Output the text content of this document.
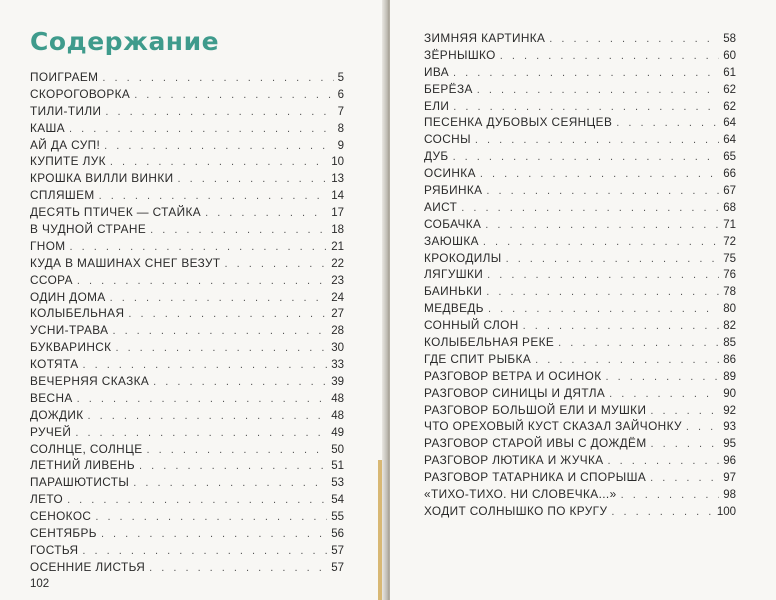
Содержание
ПОИГРАЕМ . . .	5
СКОРОГОВОРКА . . .	6
ТИЛИ-ТИЛИ . . .	7
КАША . . .	8
АЙ ДА СУП! . . .	9
КУПИТЕ ЛУК . . .	10
КРОШКА ВИЛЛИ ВИНКИ . . .	13
СПЛЯШЕМ . . .	14
ДЕСЯТЬ ПТИЧЕК — СТАЙКА . . .	17
В ЧУДНОЙ СТРАНЕ . . .	18
ГНОМ . . .	21
КУДА В МАШИНАХ СНЕГ ВЕЗУТ . . .	22
ССОРА . . .	23
ОДИН ДОМА . . .	24
КОЛЫБЕЛЬНАЯ . . .	27
УСНИ-ТРАВА . . .	28
БУКВАРИНСК . . .	30
КОТЯТА . . .	33
ВЕЧЕРНЯЯ СКАЗКА . . .	39
ВЕСНА . . .	48
ДОЖДИК . . .	48
РУЧЕЙ . . .	49
СОЛНЦЕ, СОЛНЦЕ . . .	50
ЛЕТНИЙ ЛИВЕНЬ . . .	51
ПАРАШЮТИСТЫ . . .	53
ЛЕТО . . .	54
СЕНОКОС . . .	55
СЕНТЯБРЬ . . .	56
ГОСТЬЯ . . .	57
ОСЕННИЕ ЛИСТЬЯ . . .	57
102
ЗИМНЯЯ КАРТИНКА . . .	58
ЗЁРНЫШКО . . .	60
ИВА . . .	61
БЕРЁЗА . . .	62
ЕЛИ . . .	62
ПЕСЕНКА ДУБОВЫХ СЕЯНЦЕВ . . .	64
СОСНЫ . . .	64
ДУБ . . .	65
ОСИНКА . . .	66
РЯБИНКА . . .	67
АИСТ . . .	68
СОБАЧКА . . .	71
ЗАЮШКА . . .	72
КРОКОДИЛЫ . . .	75
ЛЯГУШКИ . . .	76
БАИНЬКИ . . .	78
МЕДВЕДЬ . . .	80
СОННЫЙ СЛОН . . .	82
КОЛЫБЕЛЬНАЯ РЕКЕ . . .	85
ГДЕ СПИТ РЫБКА . . .	86
РАЗГОВОР ВЕТРА И ОСИНОК . . .	89
РАЗГОВОР СИНИЦЫ И ДЯТЛА . . .	90
РАЗГОВОР БОЛЬШОЙ ЕЛИ И МУШКИ . . .	92
ЧТО ОРЕХОВЫЙ КУСТ СКАЗАЛ ЗАЙЧОНКУ . . .	93
РАЗГОВОР СТАРОЙ ИВЫ С ДОЖДЁМ . . .	95
РАЗГОВОР ЛЮТИКА И ЖУЧКА . . .	96
РАЗГОВОР ТАТАРНИКА И СПОРЫША . . .	97
«ТИХО-ТИХО. НИ СЛОВЕЧКА...» . . .	98
ХОДИТ СОЛНЫШКО ПО КРУГУ . . .	100
